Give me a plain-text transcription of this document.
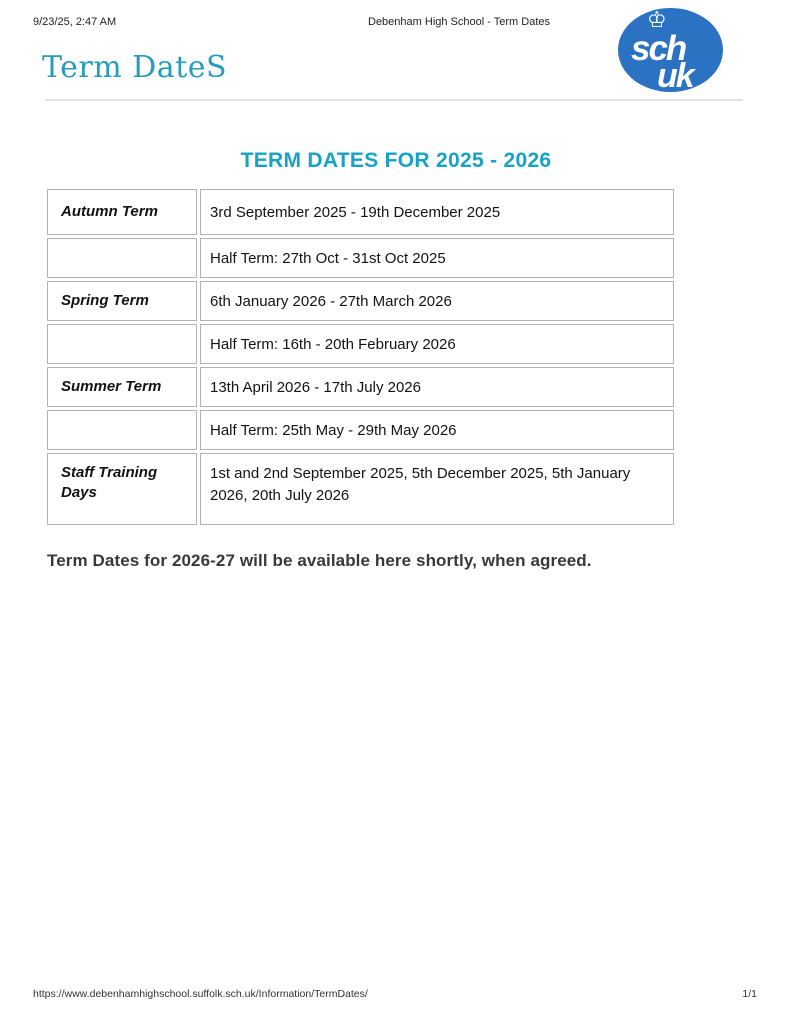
9/23/25, 2:47 AM	Debenham High School - Term Dates	♔
sch
uk
Term DateS
TERM DATES FOR 2025 - 2026
Autumn Term	3rd September 2025 - 19th December 2025
	Half Term: 27th Oct - 31st Oct 2025
Spring Term	6th January 2026 - 27th March 2026
	Half Term: 16th - 20th February 2026
Summer Term	13th April 2026 - 17th July 2026
	Half Term: 25th May - 29th May 2026
Staff Training Days	1st and 2nd September 2025, 5th December 2025, 5th January 2026, 20th July 2026
Term Dates for 2026-27 will be available here shortly, when agreed.
https://www.debenhamhighschool.suffolk.sch.uk/Information/TermDates/	1/1
